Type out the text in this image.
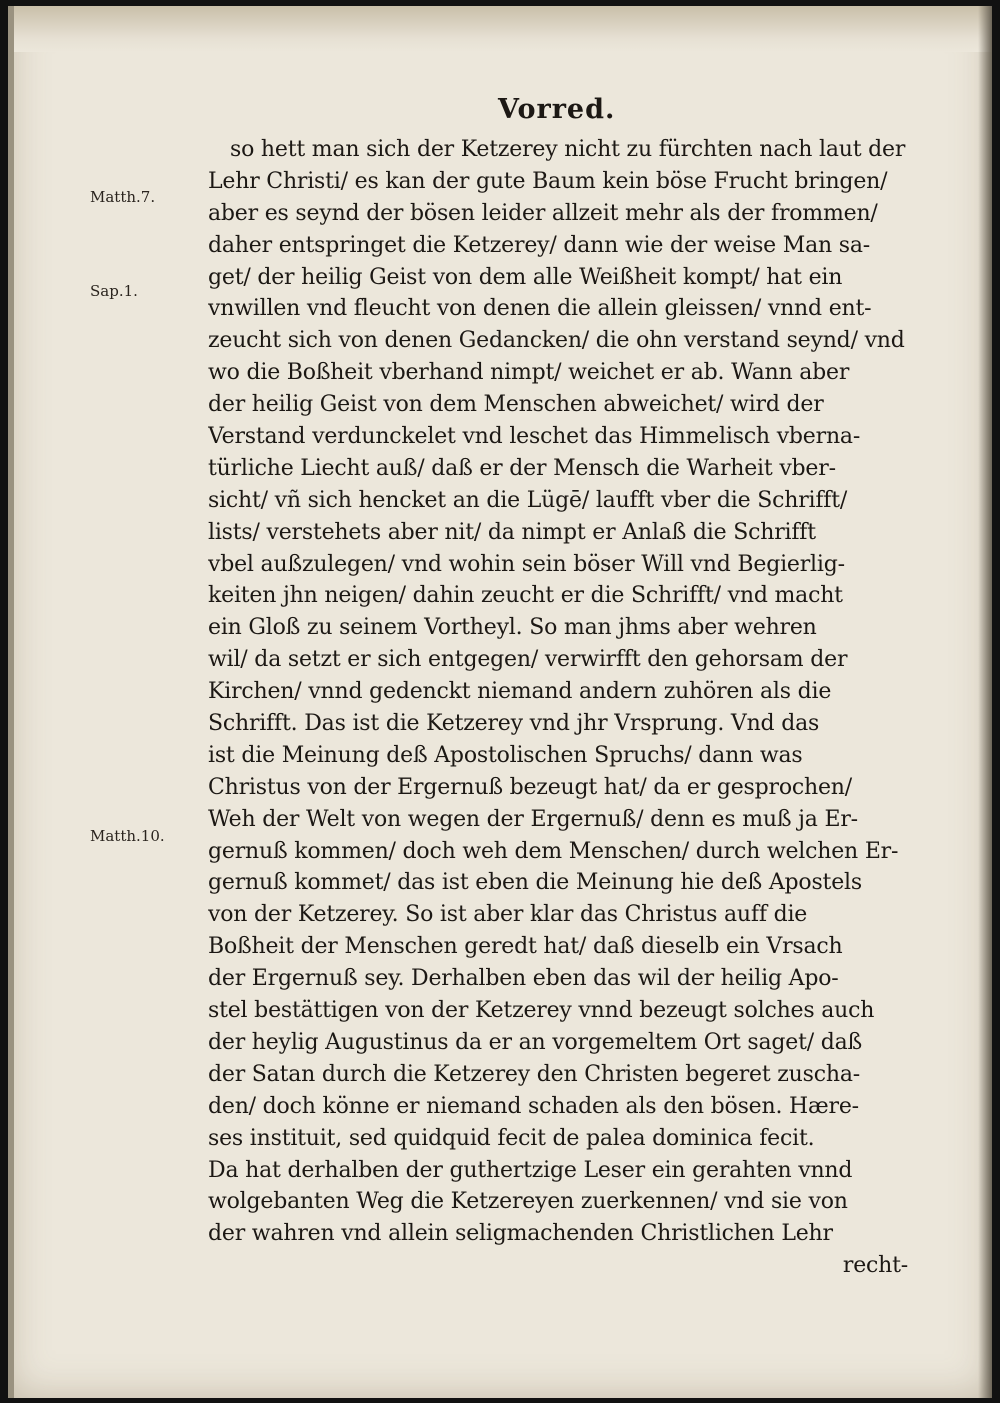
Vorred.
Matth.7.
Sap.1.
Matth.10.
so hett man sich der Ketzerey nicht zu fürchten nach laut der
Lehr Christi/ es kan der gute Baum kein böse Frucht bringen/
aber es seynd der bösen leider allzeit mehr als der frommen/
daher entspringet die Ketzerey/ dann wie der weise Man sa-
get/ der heilig Geist von dem alle Weißheit kompt/ hat ein
vnwillen vnd fleucht von denen die allein gleissen/ vnnd ent-
zeucht sich von denen Gedancken/ die ohn verstand seynd/ vnd
wo die Boßheit vberhand nimpt/ weichet er ab. Wann aber
der heilig Geist von dem Menschen abweichet/ wird der
Verstand verdunckelet vnd leschet das Himmelisch vberna-
türliche Liecht auß/ daß er der Mensch die Warheit vber-
sicht/ vñ sich hencket an die Lügē/ laufft vber die Schrifft/
lists/ verstehets aber nit/ da nimpt er Anlaß die Schrifft
vbel außzulegen/ vnd wohin sein böser Will vnd Begierlig-
keiten jhn neigen/ dahin zeucht er die Schrifft/ vnd macht
ein Gloß zu seinem Vortheyl. So man jhms aber wehren
wil/ da setzt er sich entgegen/ verwirfft den gehorsam der
Kirchen/ vnnd gedenckt niemand andern zuhören als die
Schrifft. Das ist die Ketzerey vnd jhr Vrsprung. Vnd das
ist die Meinung deß Apostolischen Spruchs/ dann was
Christus von der Ergernuß bezeugt hat/ da er gesprochen/
Weh der Welt von wegen der Ergernuß/ denn es muß ja Er-
gernuß kommen/ doch weh dem Menschen/ durch welchen Er-
gernuß kommet/ das ist eben die Meinung hie deß Apostels
von der Ketzerey. So ist aber klar das Christus auff die
Boßheit der Menschen geredt hat/ daß dieselb ein Vrsach
der Ergernuß sey. Derhalben eben das wil der heilig Apo-
stel bestättigen von der Ketzerey vnnd bezeugt solches auch
der heylig Augustinus da er an vorgemeltem Ort saget/ daß
der Satan durch die Ketzerey den Christen begeret zuscha-
den/ doch könne er niemand schaden als den bösen. Hære-
ses instituit, sed quidquid fecit de palea dominica fecit.
Da hat derhalben der guthertzige Leser ein gerahten vnnd
wolgebanten Weg die Ketzereyen zuerkennen/ vnd sie von
der wahren vnd allein seligmachenden Christlichen Lehr
recht-
